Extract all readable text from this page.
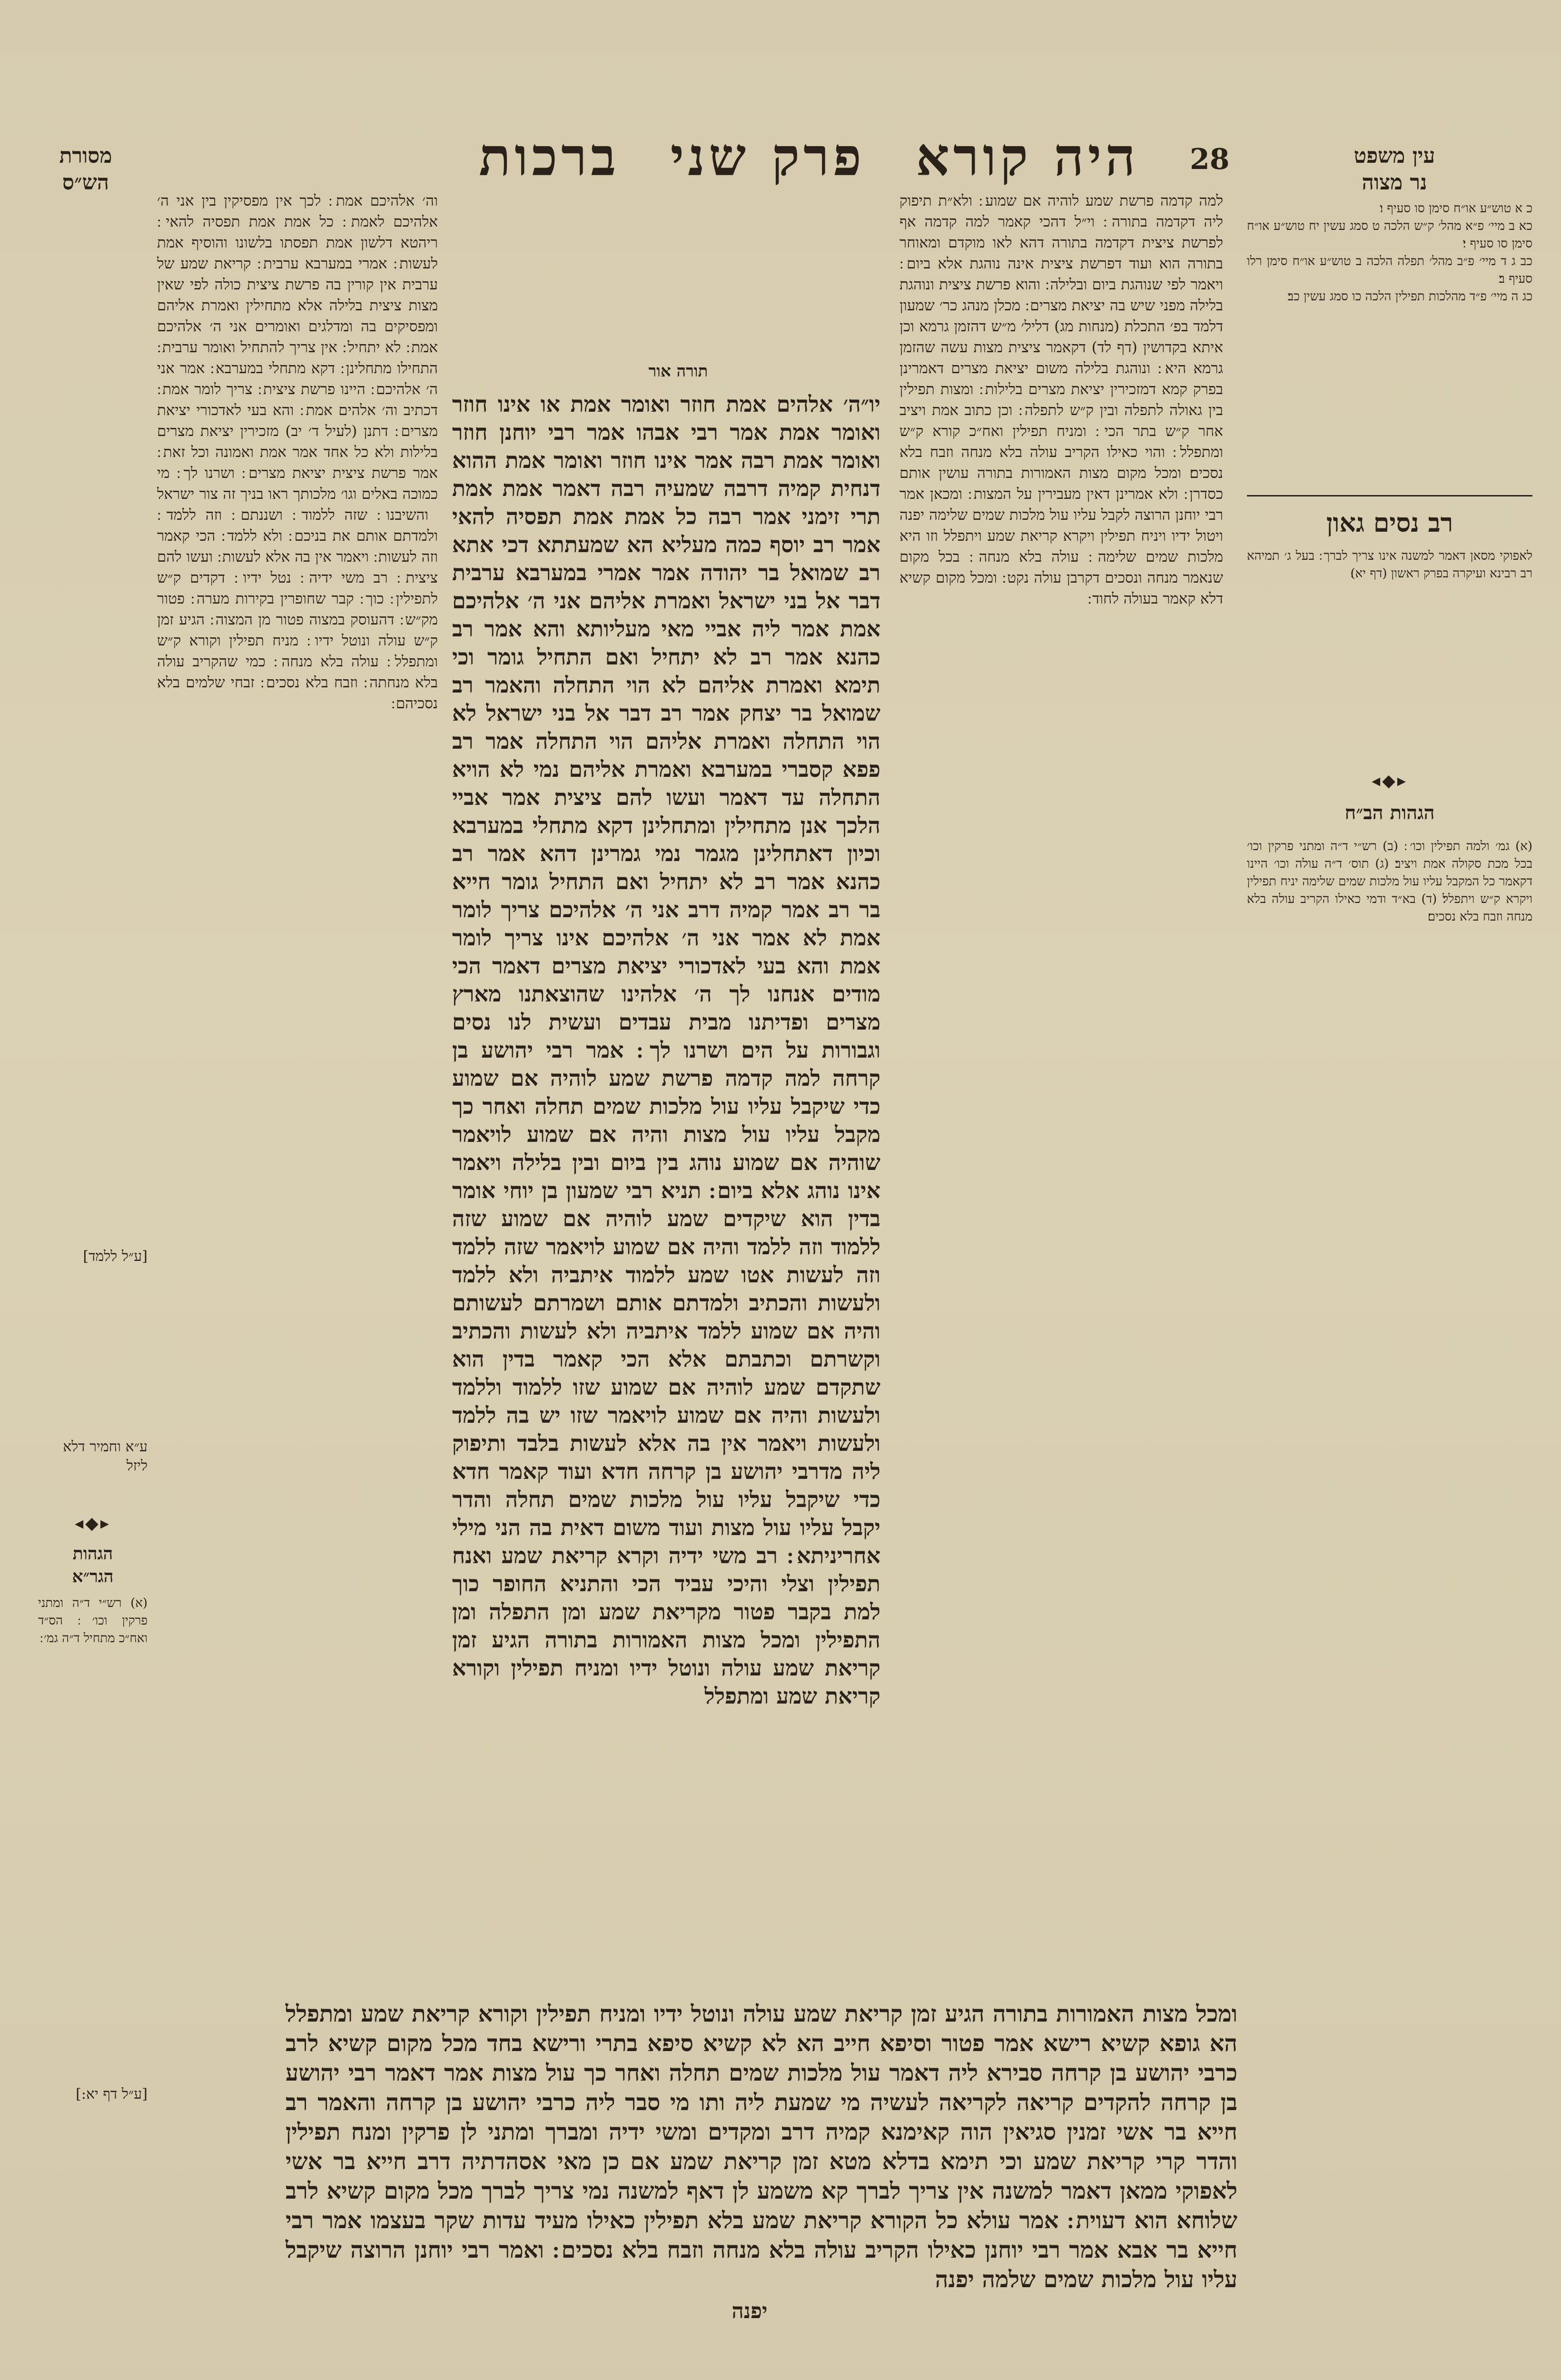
28
היה קורא פרק שני ברכות	עין משפט
נר מצוה
מסורת
הש״ס
כ א טוש״ע או״ח סימן סו סעיף ו׃
כא ב מיי׳ פ״א מהל׳ ק״ש הלכה ט סמג עשין יח טוש״ע או״ח סימן סו סעיף י׃
כב ג ד מיי׳ פ״ב מהל׳ תפלה הלכה ב טוש״ע או״ח סימן רלו סעיף ב׃
כג ה מיי׳ פ״ד מהלכות תפילין הלכה כו סמג עשין כב׃
רב נסים גאון
לאפוקי מסאן דאמר למשנה אינו צריך לברך ׃ בעל ג׳ תמיהא רב רבינא ועיקרה בפרק ראשון (דף יא)׃
◂◆▸
הגהות הב״ח
(א) גמ׳ ולמה תפילין וכו׳ ׃ (ב) רש״י ד״ה ומתני פרקין וכו׳ בכל מכת סקולה אמת ויציב׃ (ג) תוס׳ ד״ה עולה וכו׳ היינו דקאמר כל המקבל עליו עול מלכות שמים שלימה יניח תפילין ויקרא ק״ש ויתפלל׃ (ד) בא״ד ודמי כאילו הקריב עולה בלא מנחה וזבח בלא נסכים׃
למה קדמה פרשת שמע לוהיה אם שמוע ׃ ולא״ת תיפוק ליה דקדמה בתורה ׃ וי״ל דהכי קאמר למה קדמה אף לפרשת ציצית דקדמה בתורה דהא לאו מוקדם ומאוחר בתורה הוא ועוד דפרשת ציצית אינה נוהגת אלא ביום ׃ ויאמר לפי שנוהגת ביום ובלילה ׃ והוא פרשת ציצית ונוהגת בלילה מפני שיש בה יציאת מצרים ׃ מכלן מנהג כר׳ שמעון דלמד בפ׳ התכלת (מנחות מג) דליל׳ מ״ש דהזמן גרמא וכן איתא בקדושין (דף לד) דקאמר ציצית מצות עשה שהזמן גרמא היא ׃ ונוהגת בלילה משום יציאת מצרים דאמרינן בפרק קמא דמזכירין יציאת מצרים בלילות ׃ ומצות תפילין בין גאולה לתפלה ובין ק״ש לתפלה ׃ וכן כתוב אמת ויציב אחר ק״ש בתר הכי ׃ ומניח תפילין ואח״כ קורא ק״ש ומתפלל ׃ והוי כאילו הקריב עולה בלא מנחה וזבח בלא נסכים׃ ומכל מקום מצות האמורות בתורה עושין אותם כסדרן ׃ ולא אמרינן דאין מעבירין על המצות ׃ ומכאן אמר רבי יוחנן הרוצה לקבל עליו עול מלכות שמים שלימה יפנה ויטול ידיו ויניח תפילין ויקרא קריאת שמע ויתפלל וזו היא מלכות שמים שלימה ׃ עולה בלא מנחה ׃ בכל מקום שנאמר מנחה ונסכים דקרבן עולה נקט ׃ ומכל מקום קשיא דלא קאמר בעולה לחוד ׃
תורה אור
יו״ה׳ אלהים אמת חוזר ואומר אמת או אינו חוזר ואומר אמת אמר רבי אבהו אמר רבי יוחנן חוזר ואומר אמת רבה אמר אינו חוזר ואומר אמת ההוא דנחית קמיה דרבה שמעיה רבה דאמר אמת אמת תרי זימני אמר רבה כל אמת אמת תפסיה להאי אמר רב יוסף כמה מעליא הא שמעתתא דכי אתא רב שמואל בר יהודה אמר אמרי במערבא ערבית דבר אל בני ישראל ואמרת אליהם אני ה׳ אלהיכם אמת אמר ליה אביי מאי מעליותא והא אמר רב כהנא אמר רב לא יתחיל ואם התחיל גומר וכי תימא ואמרת אליהם לא הוי התחלה והאמר רב שמואל בר יצחק אמר רב דבר אל בני ישראל לא הוי התחלה ואמרת אליהם הוי התחלה אמר רב פפא קסברי במערבא ואמרת אליהם נמי לא הויא התחלה עד דאמר ועשו להם ציצית אמר אביי הלכך אנן מתחילין ומתחלינן דקא מתחלי במערבא וכיון דאתחלינן מגמר נמי גמרינן דהא אמר רב כהנא אמר רב לא יתחיל ואם התחיל גומר חייא בר רב אמר קמיה דרב אני ה׳ אלהיכם צריך לומר אמת לא אמר אני ה׳ אלהיכם אינו צריך לומר אמת והא בעי לאדכורי יציאת מצרים דאמר הכי מודים אנחנו לך ה׳ אלהינו שהוצאתנו מארץ מצרים ופדיתנו מבית עבדים ועשית לנו נסים וגבורות על הים ושרנו לך ׃ אמר רבי יהושע בן קרחה למה קדמה פרשת שמע לוהיה אם שמוע כדי שיקבל עליו עול מלכות שמים תחלה ואחר כך מקבל עליו עול מצות והיה אם שמוע לויאמר שוהיה אם שמוע נוהג בין ביום ובין בלילה ויאמר אינו נוהג אלא ביום ׃ תניא רבי שמעון בן יוחי אומר בדין הוא שיקדים שמע לוהיה אם שמוע שזה ללמוד וזה ללמד והיה אם שמוע לויאמר שזה ללמד וזה לעשות אטו שמע ללמוד איתביה ולא ללמד ולעשות והכתיב ולמדתם אותם ושמרתם לעשותם והיה אם שמוע ללמד איתביה ולא לעשות והכתיב וקשרתם וכתבתם אלא הכי קאמר בדין הוא שתקדם שמע לוהיה אם שמוע שזו ללמוד וללמד ולעשות והיה אם שמוע לויאמר שזו יש בה ללמד ולעשות ויאמר אין בה אלא לעשות בלבד ותיפוק ליה מדרבי יהושע בן קרחה חדא ועוד קאמר חדא כדי שיקבל עליו עול מלכות שמים תחלה והדר יקבל עליו עול מצות ועוד משום דאית בה הני מילי אחריניתא ׃ רב משי ידיה וקרא קריאת שמע ואנח תפילין וצלי והיכי עביד הכי והתניא החופר כוך למת בקבר פטור מקריאת שמע ומן התפלה ומן התפילין ומכל מצות האמורות בתורה הגיע זמן קריאת שמע עולה ונוטל ידיו ומניח תפילין וקורא קריאת שמע ומתפלל
וה׳ אלהיכם אמת ׃ לכך אין מפסיקין בין אני ה׳ אלהיכם לאמת ׃ כל אמת אמת תפסיה להאי ׃ ריהטא דלשון אמת תפסתו בלשונו והוסיף אמת לעשות ׃ אמרי במערבא ערבית ׃ קריאת שמע של ערבית אין קורין בה פרשת ציצית כולה לפי שאין מצות ציצית בלילה אלא מתחילין ואמרת אליהם ומפסיקים בה ומדלגים ואומרים אני ה׳ אלהיכם אמת ׃ לא יתחיל ׃ אין צריך להתחיל ואומר ערבית ׃ התחילו מתחלינן ׃ דקא מתחלי במערבא ׃ אמר אני ה׳ אלהיכם ׃ היינו פרשת ציצית ׃ צריך לומר אמת ׃ דכתיב וה׳ אלהים אמת ׃ והא בעי לאדכורי יציאת מצרים ׃ דתנן (לעיל ד׳ יב) מזכירין יציאת מצרים בלילות ולא כל אחד אמר אמת ואמונה וכל זאת ׃ אמר פרשת ציצית יציאת מצרים ׃ ושרנו לך ׃ מי כמוכה באלים וגו׳ מלכותך ראו בניך זה צור ישראל ׃ והשיבנו ׃ שזה ללמוד ׃ ושננתם ׃ וזה ללמד ׃ ולמדתם אותם את בניכם ׃ ולא ללמד ׃ הכי קאמר וזה לעשות ׃ ויאמר אין בה אלא לעשות ׃ ועשו להם ציצית ׃ רב משי ידיה ׃ נטל ידיו ׃ דקדים ק״ש לתפילין ׃ כוך ׃ קבר שחופרין בקירות מערה ׃ פטור מק״ש ׃ דהעוסק במצוה פטור מן המצוה ׃ הגיע זמן ק״ש עולה ונוטל ידיו ׃ מניח תפילין וקורא ק״ש ומתפלל ׃ עולה בלא מנחה ׃ כמי שהקריב עולה בלא מנחתה ׃ וזבח בלא נסכים ׃ זבחי שלמים בלא נסכיהם ׃
[ע״ל ללמד]
ע״א וחמיר דלא ליזל
◂◆▸
הגהות
הגר״א
(א) רש״י ד״ה ומתני פרקין וכו׳ ׃ הס״ד ואח״כ מתחיל ד״ה גמ׳ ׃
[ע״ל דף יא:]
ומכל מצות האמורות בתורה הגיע זמן קריאת שמע עולה ונוטל ידיו ומניח תפילין וקורא קריאת שמע ומתפלל הא גופא קשיא רישא אמר פטור וסיפא חייב הא לא קשיא סיפא בתרי ורישא בחד מכל מקום קשיא לרב כרבי יהושע בן קרחה סבירא ליה דאמר עול מלכות שמים תחלה ואחר כך עול מצות אמר דאמר רבי יהושע בן קרחה להקדים קריאה לקריאה לעשיה מי שמעת ליה ותו מי סבר ליה כרבי יהושע בן קרחה והאמר רב חייא בר אשי זמנין סגיאין הוה קאימנא קמיה דרב ומקדים ומשי ידיה ומברך ומתני לן פרקין ומנח תפילין והדר קרי קריאת שמע וכי תימא בדלא מטא זמן קריאת שמע אם כן מאי אסהדתיה דרב חייא בר אשי לאפוקי ממאן דאמר למשנה אין צריך לברך קא משמע לן דאף למשנה נמי צריך לברך מכל מקום קשיא לרב שלוחא הוא דעוית ׃ אמר עולא כל הקורא קריאת שמע בלא תפילין כאילו מעיד עדות שקר בעצמו אמר רבי חייא בר אבא אמר רבי יוחנן כאילו הקריב עולה בלא מנחה וזבח בלא נסכים ׃ ואמר רבי יוחנן הרוצה שיקבל עליו עול מלכות שמים שלמה יפנה
יפנה
